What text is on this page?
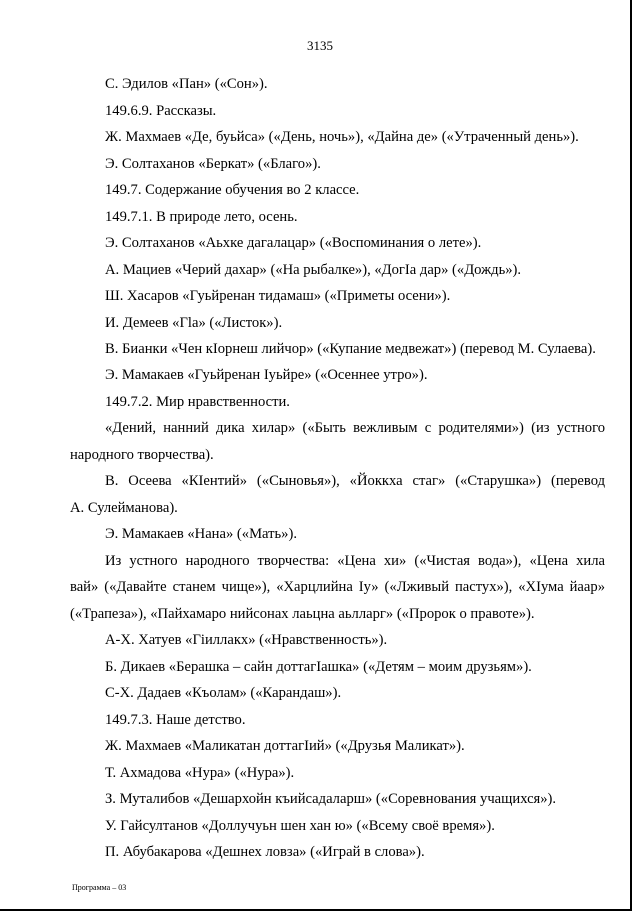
3135
С. Эдилов «Пан» («Сон»).
149.6.9. Рассказы.
Ж. Махмаев «Де, буьйса» («День, ночь»), «Дайна де» («Утраченный день»).
Э. Солтаханов «Беркат» («Благо»).
149.7. Содержание обучения во 2 классе.
149.7.1. В природе лето, осень.
Э. Солтаханов «Аьхке дагалацар» («Воспоминания о лете»).
А. Мациев «Черий дахар» («На рыбалке»), «ДогIа дар» («Дождь»).
Ш. Хасаров «Гуьйренан тидамаш» («Приметы осени»).
И. Демеев «Гlа» («Листок»).
В. Бианки «Чен кIорнеш лийчор» («Купание медвежат») (перевод М. Сулаева).
Э. Мамакаев «Гуьйренан Iуьйре» («Осеннее утро»).
149.7.2. Мир нравственности.
«Дений, нанний дика хилар» («Быть вежливым с родителями») (из устного
народного творчества).
В. Осеева «КIентий» («Сыновья»), «Йоккха стаг» («Старушка») (перевод
А. Сулейманова).
Э. Мамакаев «Нана» («Мать»).
Из устного народного творчества: «Цена хи» («Чистая вода»), «Цена хила
вай» («Давайте станем чище»), «Харцлийна Iу» («Лживый пастух»), «ХIума йаар»
(«Трапеза»), «Пайхамаро нийсонах лаьцна аьлларг» («Пророк о правоте»).
А-Х. Хатуев «Гiиллакх» («Нравственность»).
Б. Дикаев «Берашка – сайн доттагIашка» («Детям – моим друзьям»).
С-Х. Дадаев «Къолам» («Карандаш»).
149.7.3. Наше детство.
Ж. Махмаев «Маликатан доттагIий» («Друзья Маликат»).
Т. Ахмадова «Нура» («Нура»).
З. Муталибов «Дешархойн къийсадаларш» («Соревнования учащихся»).
У. Гайсултанов «Доллучуьн шен хан ю» («Всему своё время»).
П. Абубакарова «Дешнех ловза» («Играй в слова»).
Программа – 03
